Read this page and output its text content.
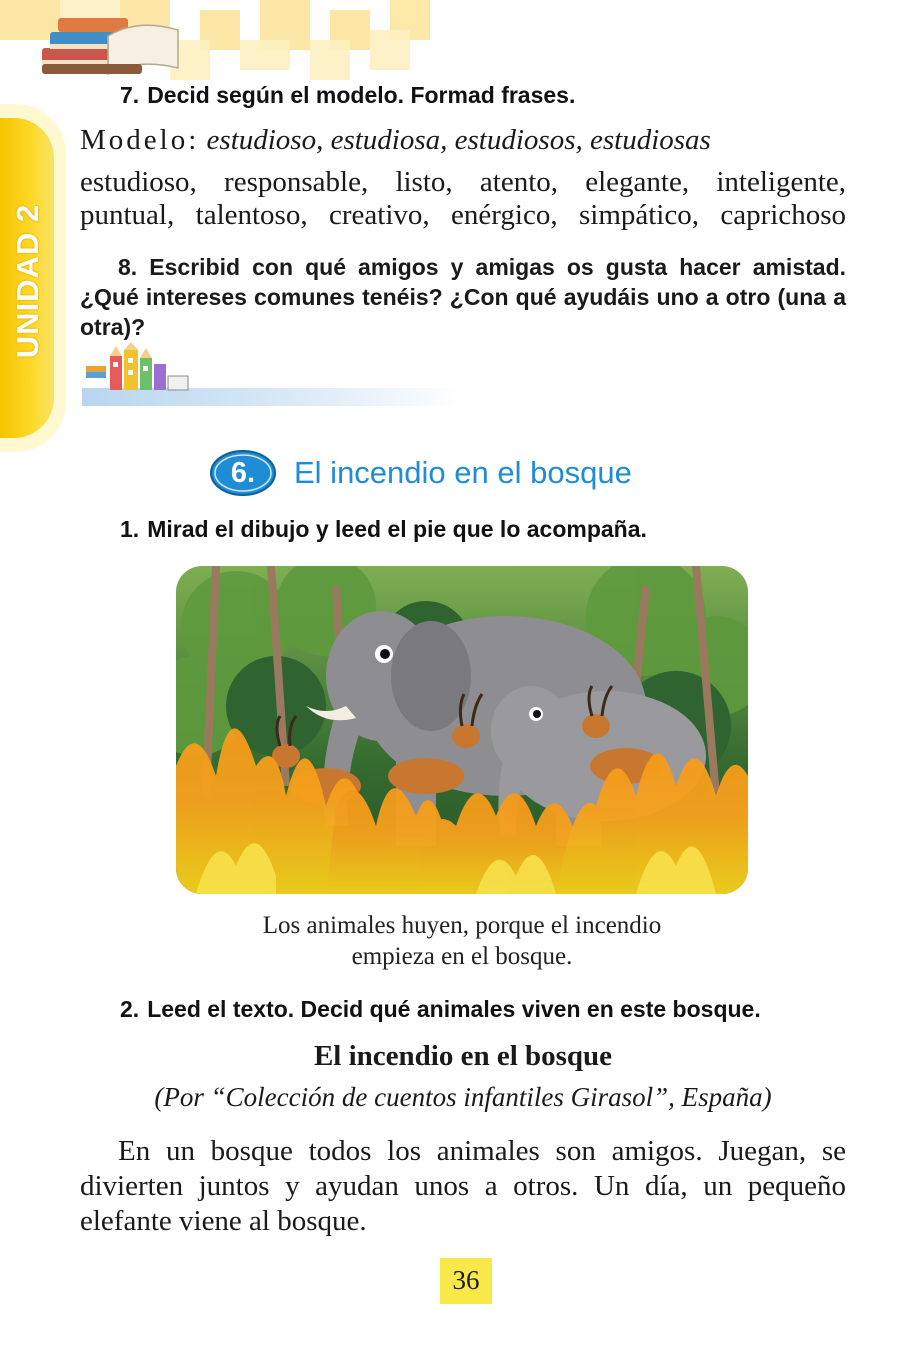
UNIDAD 2
7. Decid según el modelo. Formad frases.
Modelo: estudioso, estudiosa, estudiosos, estudiosas
estudioso, responsable, listo, atento, elegante, inteligente,
puntual, talentoso, creativo, enérgico, simpático, caprichoso
8. Escribid con qué amigos y amigas os gusta hacer amistad. ¿Qué intereses comunes tenéis? ¿Con qué ayudáis uno a otro (una a otra)?
6.	El incendio en el bosque
1. Mirad el dibujo y leed el pie que lo acompaña.
Los animales huyen, porque el incendio
empieza en el bosque.
2. Leed el texto. Decid qué animales viven en este bosque.
El incendio en el bosque
(Por “Colección de cuentos infantiles Girasol”, España)
En un bosque todos los animales son amigos. Juegan, se divierten juntos y ayudan unos a otros. Un día, un pequeño elefante viene al bosque.
36
